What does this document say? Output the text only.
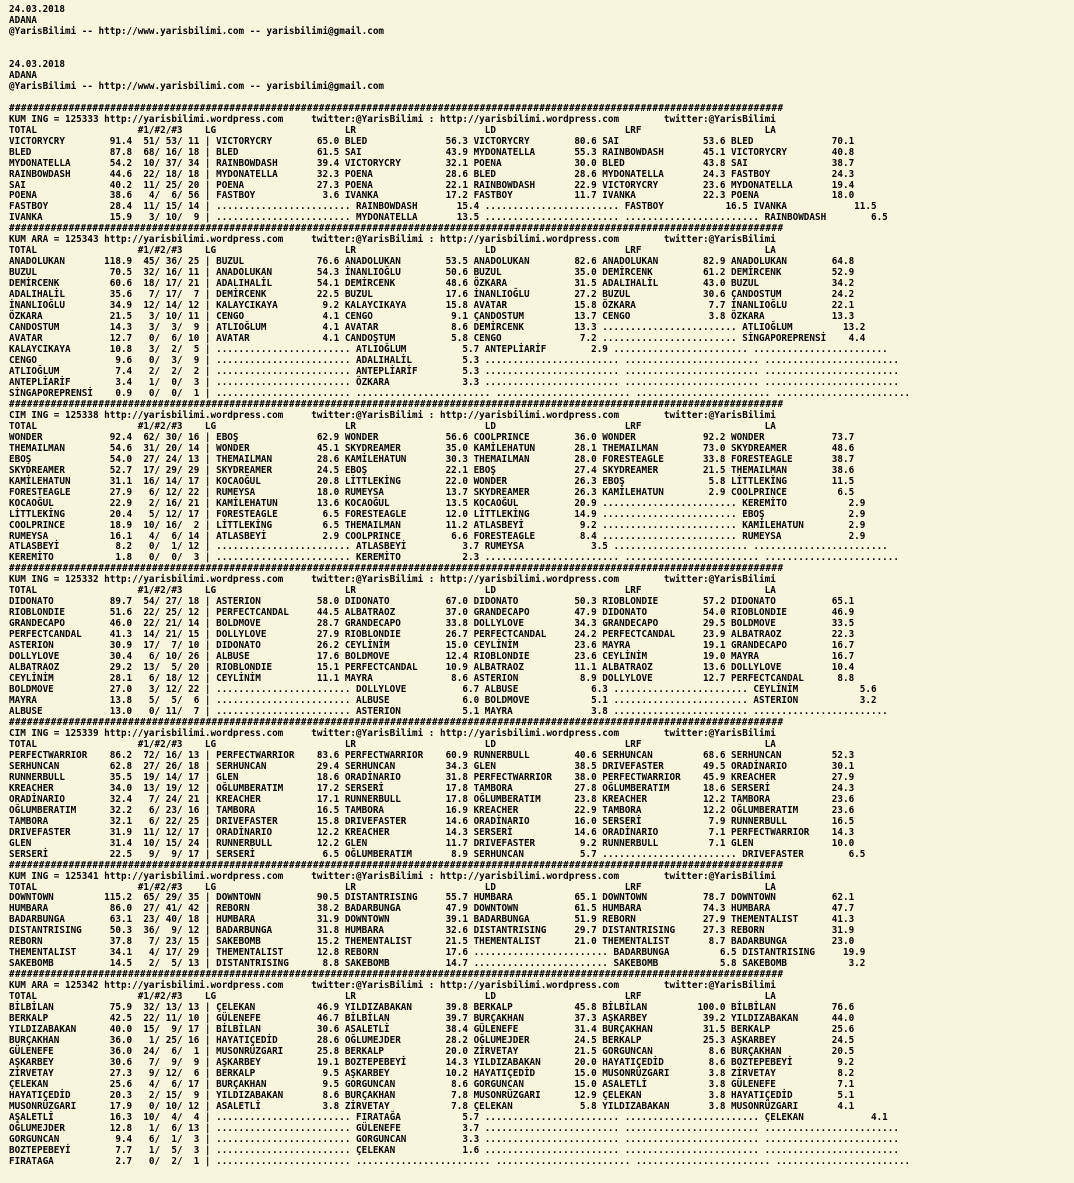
24.03.2018
ADANA
@YarisBilimi -- http://www.yarisbilimi.com -- yarisbilimi@gmail.com

24.03.2018
ADANA
@YarisBilimi -- http://www.yarisbilimi.com -- yarisbilimi@gmail.com

##################################################################################################################################
KUM ING = 125333 http://yarisbilimi.wordpress.com     twitter:@YarisBilimi : http://yarisbilimi.wordpress.com        twitter:@YarisBilimi
TOTAL                  #1/#2/#3    LG                       LR                       LD                       LRF                      LA
VICTORYCRY        91.4  51/ 53/ 11 | VICTORYCRY        65.0 BLED              56.3 VICTORYCRY        80.6 SAI               53.6 BLED              70.1
BLED              87.8  68/ 16/ 18 | BLED              61.5 SAI               43.9 MYDONATELLA       55.3 RAINBOWDASH       45.1 VICTORYCRY        40.8
MYDONATELLA       54.2  10/ 37/ 34 | RAINBOWDASH       39.4 VICTORYCRY        32.1 POENA             30.0 BLED              43.8 SAI               38.7
RAINBOWDASH       44.6  22/ 18/ 18 | MYDONATELLA       32.3 POENA             28.6 BLED              28.6 MYDONATELLA       24.3 FASTBOY           24.3
SAI               40.2  11/ 25/ 20 | POENA             27.3 POENA             22.1 RAINBOWDASH       22.9 VICTORYCRY        23.6 MYDONATELLA       19.4
POENA             38.6   4/  6/ 56 | FASTBOY            3.6 IVANKA            17.2 FASTBOY           11.7 IVANKA            22.3 POENA             18.0
FASTBOY           28.4  11/ 15/ 14 | ........................ RAINBOWDASH       15.4 ........................ FASTBOY           16.5 IVANKA            11.5
IVANKA            15.9   3/ 10/  9 | ........................ MYDONATELLA       13.5 ........................ ........................ RAINBOWDASH        6.5
##################################################################################################################################
KUM ARA = 125343 http://yarisbilimi.wordpress.com     twitter:@YarisBilimi : http://yarisbilimi.wordpress.com        twitter:@YarisBilimi
TOTAL                  #1/#2/#3    LG                       LR                       LD                       LRF                      LA
ANADOLUKAN       118.9  45/ 36/ 25 | BUZUL             76.6 ANADOLUKAN        53.5 ANADOLUKAN        82.6 ANADOLUKAN        82.9 ANADOLUKAN        64.8
BUZUL             70.5  32/ 16/ 11 | ANADOLUKAN        54.3 İNANLIOĞLU        50.6 BUZUL             35.0 DEMİRCENK         61.2 DEMİRCENK         52.9
DEMİRCENK         60.6  18/ 17/ 21 | ADALIHALİL        54.1 DEMİRCENK         48.6 ÖZKARA            31.5 ADALIHALİL        43.0 BUZUL             34.2
ADALIHALİL        35.6   7/ 17/  7 | DEMİRCENK         22.5 BUZUL             17.6 İNANLIOĞLU        27.2 BUZUL             30.6 ÇANDOSTUM         24.2
İNANLIOĞLU        34.9  12/ 14/ 12 | KALAYCIKAYA        9.2 KALAYCIKAYA       15.8 AVATAR            15.8 ÖZKARA             7.7 İNANLIOĞLU        22.1
ÖZKARA            21.5   3/ 10/ 11 | CENGO              4.1 CENGO              9.1 ÇANDOSTUM         13.7 CENGO              3.8 ÖZKARA            13.3
CANDOSTUM         14.3   3/  3/  9 | ATLIOĞLUM          4.1 AVATAR             8.6 DEMİRCENK         13.3 ........................ ATLIOĞLUM         13.2
AVATAR            12.7   0/  6/ 10 | AVATAR             4.1 CANDOŞTUM          5.8 CENGO              7.2 ........................ SİNGAPOREPRENSİ    4.4
KALAYCIKAYA       10.8   3/  2/  5 | ........................ ATLIOĞLUM          5.7 ANTEPLİARİF        2.9 ........................ ........................
CENGO              9.6   0/  3/  9 | ........................ ADALIHALİL         5.3 ........................ ........................ ........................
ATLIOĞLUM          7.4   2/  2/  2 | ........................ ANTEPLİARİF        5.3 ........................ ........................ ........................
ANTEPLİARİF        3.4   1/  0/  3 | ........................ ÖZKARA             3.3 ........................ ........................ ........................
SİNGAPOREPRENSİ    0.9   0/  0/  1 | ........................ ........................ ........................ ........................ ........................
##################################################################################################################################
CIM ING = 125338 http://yarisbilimi.wordpress.com     twitter:@YarisBilimi : http://yarisbilimi.wordpress.com        twitter:@YarisBilimi
TOTAL                  #1/#2/#3    LG                       LR                       LD                       LRF                      LA
WONDER            92.4  62/ 30/ 16 | EBOŞ              62.9 WONDER            56.6 COOLPRINCE        36.0 WONDER            92.2 WONDER            73.7
THEMAILMAN        54.6  31/ 20/ 14 | WONDER            45.1 SKYDREAMER        35.0 KAMİLEHATUN       28.1 THEMAILMAN        73.0 SKYDREAMER        48.6
EBOŞ              54.0  27/ 24/ 13 | THEMAILMAN        28.6 KAMİLEHATUN       30.3 THEMAILMAN        28.0 FORESTEAGLE       33.8 FORESTEAGLE       38.7
SKYDREAMER        52.7  17/ 29/ 29 | SKYDREAMER        24.5 EBOŞ              22.1 EBOŞ              27.4 SKYDREAMER        21.5 THEMAILMAN        38.6
KAMİLEHATUN       31.1  16/ 14/ 17 | KOCAOĞUL          20.8 LİTTLEKİNG        22.0 WONDER            26.3 EBOŞ               5.8 LİTTLEKİNG        11.5
FORESTEAGLE       27.9   6/ 12/ 22 | RUMEYSA           18.0 RUMEYSA           13.7 SKYDREAMER        26.3 KAMİLEHATUN        2.9 COOLPRINCE         6.5
KOCAOĞUL          22.9   2/ 16/ 21 | KAMİLEHATUN       13.6 KOCAOĞUL          13.5 KOCAOĞUL          20.9 ........................ KEREMİTO           2.9
LİTTLEKİNG        20.4   5/ 12/ 17 | FORESTEAGLE        6.5 FORESTEAGLE       12.0 LİTTLEKİNG        14.9 ........................ EBOŞ               2.9
COOLPRINCE        18.9  10/ 16/  2 | LİTTLEKİNG         6.5 THEMAILMAN        11.2 ATLASBEYİ          9.2 ........................ KAMİLEHATUN        2.9
RUMEYSA           16.1   4/  6/ 14 | ATLASBEYİ          2.9 COOLPRINCE         6.6 FORESTEAGLE        8.4 ........................ RUMEYSA            2.9
ATLASBEYİ          8.2   0/  1/ 12 | ........................ ATLASBEYİ          3.7 RUMEYSA            3.5 ........................ ........................
KEREMİTO           1.8   0/  0/  3 | ........................ KEREMİTO           2.3 ........................ ........................ ........................
##################################################################################################################################
KUM ING = 125332 http://yarisbilimi.wordpress.com     twitter:@YarisBilimi : http://yarisbilimi.wordpress.com        twitter:@YarisBilimi
TOTAL                  #1/#2/#3    LG                       LR                       LD                       LRF                      LA
DIDONATO          89.7  54/ 27/ 18 | ASTERION          58.0 DIDONATO          67.0 DIDONATO          50.3 RIOBLONDIE        57.2 DIDONATO          65.1
RIOBLONDIE        51.6  22/ 25/ 12 | PERFECTCANDAL     44.5 ALBATRAOZ         37.0 GRANDECAPO        47.9 DIDONATO          54.0 RIOBLONDIE        46.9
GRANDECAPO        46.0  22/ 21/ 14 | BOLDMOVE          28.7 GRANDECAPO        33.8 DOLLYLOVE         34.3 GRANDECAPO        29.5 BOLDMOVE          33.5
PERFECTCANDAL     41.3  14/ 21/ 15 | DOLLYLOVE         27.9 RIOBLONDIE        26.7 PERFECTCANDAL     24.2 PERFECTCANDAL     23.9 ALBATRAOZ         22.3
ASTERION          30.9  17/  7/ 10 | DIDONATO          26.2 CEYLİNİM          15.0 CEYLİNİM          23.6 MAYRA             19.1 GRANDECAPO        16.7
DOLLYLOVE         30.4   6/ 10/ 26 | ALBUSE            17.6 BOLDMOVE          12.4 RIOBLONDIE        23.6 CEYLİNİM          19.0 MAYRA             16.7
ALBATRAOZ         29.2  13/  5/ 20 | RIOBLONDIE        15.1 PERFECTCANDAL     10.9 ALBATRAOZ         11.1 ALBATRAOZ         13.6 DOLLYLOVE         10.4
CEYLİNİM          28.1   6/ 18/ 12 | CEYLİNİM          11.1 MAYRA              8.6 ASTERION           8.9 DOLLYLOVE         12.7 PERFECTCANDAL      8.8
BOLDMOVE          27.0   3/ 12/ 22 | ........................ DOLLYLOVE          6.7 ALBUSE             6.3 ........................ CEYLİNİM           5.6
MAYRA             13.8   5/  5/  6 | ........................ ALBUSE             6.0 BOLDMOVE           5.1 ........................ ASTERION           3.2
ALBUSE            13.0   0/ 11/  7 | ........................ ASTERION           5.1 MAYRA              3.8 ........................ ........................
##################################################################################################################################
CIM ING = 125339 http://yarisbilimi.wordpress.com     twitter:@YarisBilimi : http://yarisbilimi.wordpress.com        twitter:@YarisBilimi
TOTAL                  #1/#2/#3    LG                       LR                       LD                       LRF                      LA
PERFECTWARRIOR    86.2  72/ 16/ 13 | PERFECTWARRIOR    83.6 PERFECTWARRIOR    60.9 RUNNERBULL        40.6 SERHUNCAN         68.6 SERHUNCAN         52.3
SERHUNCAN         62.8  27/ 26/ 18 | SERHUNCAN         29.4 SERHUNCAN         34.3 GLEN              38.5 DRIVEFASTER       49.5 ORADİNARIO        30.1
RUNNERBULL        35.5  19/ 14/ 17 | GLEN              18.6 ORADİNARIO        31.8 PERFECTWARRIOR    38.0 PERFECTWARRIOR    45.9 KREACHER          27.9
KREACHER          34.0  13/ 19/ 12 | OĞLUMBERATIM      17.2 SERSERİ           17.8 TAMBORA           27.8 OĞLUMBERATIM      18.6 SERSERİ           24.3
ORADİNARIO        32.4   7/ 24/ 21 | KREACHER          17.1 RUNNERBULL        17.8 OĞLUMBERATIM      23.8 KREACHER          12.2 TAMBORA           23.6
OĞLUMBERATIM      32.2   6/ 23/ 16 | TAMBORA           16.5 TAMBORA           16.9 KREACHER          22.9 TAMBORA           12.2 OĞLUMBERATIM      23.6
TAMBORA           32.1   6/ 22/ 25 | DRIVEFASTER       15.8 DRIVEFASTER       14.6 ORADİNARIO        16.0 SERSERİ            7.9 RUNNERBULL        16.5
DRIVEFASTER       31.9  11/ 12/ 17 | ORADİNARIO        12.2 KREACHER          14.3 SERSERİ           14.6 ORADİNARIO         7.1 PERFECTWARRIOR    14.3
GLEN              31.4  10/ 15/ 24 | RUNNERBULL        12.2 GLEN              11.7 DRIVEFASTER        9.2 RUNNERBULL         7.1 GLEN              10.0
SERSERİ           22.5   9/  9/ 17 | SERSERİ            6.5 OĞLUMBERATIM       8.9 SERHUNCAN          5.7 ........................ DRIVEFASTER        6.5
##################################################################################################################################
KUM ING = 125341 http://yarisbilimi.wordpress.com     twitter:@YarisBilimi : http://yarisbilimi.wordpress.com        twitter:@YarisBilimi
TOTAL                  #1/#2/#3    LG                       LR                       LD                       LRF                      LA
DOWNTOWN         115.2  65/ 29/ 35 | DOWNTOWN          90.5 DISTANTRISING     55.7 HUMBARA           65.1 DOWNTOWN          78.7 DOWNTOWN          62.1
HUMBARA           86.0  27/ 41/ 42 | REBORN            38.2 BADARBUNGA        47.9 DOWNTOWN          61.5 HUMBARA           74.3 HUMBARA           47.7
BADARBUNGA        63.1  23/ 40/ 18 | HUMBARA           31.9 DOWNTOWN          39.1 BADARBUNGA        51.9 REBORN            27.9 THEMENTALIST      41.3
DISTANTRISING     50.3  36/  9/ 12 | BADARBUNGA        31.8 HUMBARA           32.6 DISTANTRISING     29.7 DISTANTRISING     27.3 REBORN            31.9
REBORN            37.8   7/ 23/ 15 | SAKEBOMB          15.2 THEMENTALIST      21.5 THEMENTALIST      21.0 THEMENTALIST       8.7 BADARBUNGA        23.0
THEMENTALIST      34.1   4/ 17/ 29 | THEMENTALIST      12.8 REBORN            17.6 ........................ BADARBUNGA         6.5 DISTANTRISING     19.9
SAKEBOMB          14.5   2/  5/ 13 | DISTANTRISING      8.8 SAKEBOMB          14.7 ........................ SAKEBOMB           5.8 SAKEBOMB           3.2
##################################################################################################################################
KUM ARA = 125342 http://yarisbilimi.wordpress.com     twitter:@YarisBilimi : http://yarisbilimi.wordpress.com        twitter:@YarisBilimi
TOTAL                  #1/#2/#3    LG                       LR                       LD                       LRF                      LA
BİLBİLAN          75.9  32/ 13/ 13 | ÇELEKAN           46.9 YILDIZABAKAN      39.8 BERKALP           45.8 BİLBİLAN         100.0 BİLBİLAN          76.6
BERKALP           42.5  22/ 11/ 10 | GÜLENEFE          46.7 BİLBİLAN          39.7 BURÇAKHAN         37.3 AŞKARBEY          39.2 YILDIZABAKAN      44.0
YILDIZABAKAN      40.0  15/  9/ 17 | BİLBİLAN          30.6 ASALETLİ          38.4 GÜLENEFE          31.4 BURÇAKHAN         31.5 BERKALP           25.6
BURÇAKHAN         36.0   1/ 25/ 16 | HAYATIÇEDİD       28.6 OĞLUMEJDER        28.2 OĞLUMEJDER        24.5 BERKALP           25.3 AŞKARBEY          24.5
GÜLENEFE          36.0  24/  6/  1 | MUSONRÜZGARI      25.8 BERKALP           20.0 ZİRVETAY          21.5 GORGUNCAN          8.6 BURÇAKHAN         20.5
AŞKARBEY          30.6   7/  9/  9 | AŞKARBEY          19.1 BOZTEPEBEYİ       14.3 YILDIZABAKAN      20.0 HAYATIÇEDİD        8.6 BOZTEPEBEYİ        9.2
ZİRVETAY          27.3   9/ 12/  6 | BERKALP            9.5 AŞKARBEY          10.2 HAYATIÇEDİD       15.0 MUSONRÜZGARI       3.8 ZİRVETAY           8.2
ÇELEKAN           25.6   4/  6/ 17 | BURÇAKHAN          9.5 GORGUNCAN          8.6 GORGUNCAN         15.0 ASALETLİ           3.8 GÜLENEFE           7.1
HAYATIÇEDİD       20.3   2/ 15/  9 | YILDIZABAKAN       8.6 BURÇAKHAN          7.8 MUSONRÜZGARI      12.9 ÇELEKAN            3.8 HAYATIÇEDİD        5.1
MUSONRÜZGARI      17.9   0/ 10/ 12 | ASALETLİ           3.8 ZİRVETAY           7.8 ÇELEKAN            5.8 YILDIZABAKAN       3.8 MUSONRÜZGARI       4.1
AŞALETLİ          16.3  10/  4/  4 | ........................ FIRATAĞA           5.7 ........................ ........................ ÇELEKAN            4.1
OĞLUMEJDER        12.8   1/  6/ 13 | ........................ GÜLENEFE           3.7 ........................ ........................ ........................
GORGUNCAN          9.4   6/  1/  3 | ........................ GORGUNCAN          3.3 ........................ ........................ ........................
BOZTEPEBEYİ        7.7   1/  5/  3 | ........................ ÇELEKAN            1.6 ........................ ........................ ........................
FIRATAGA           2.7   0/  2/  1 | ........................ ........................ ........................ ........................ ........................
